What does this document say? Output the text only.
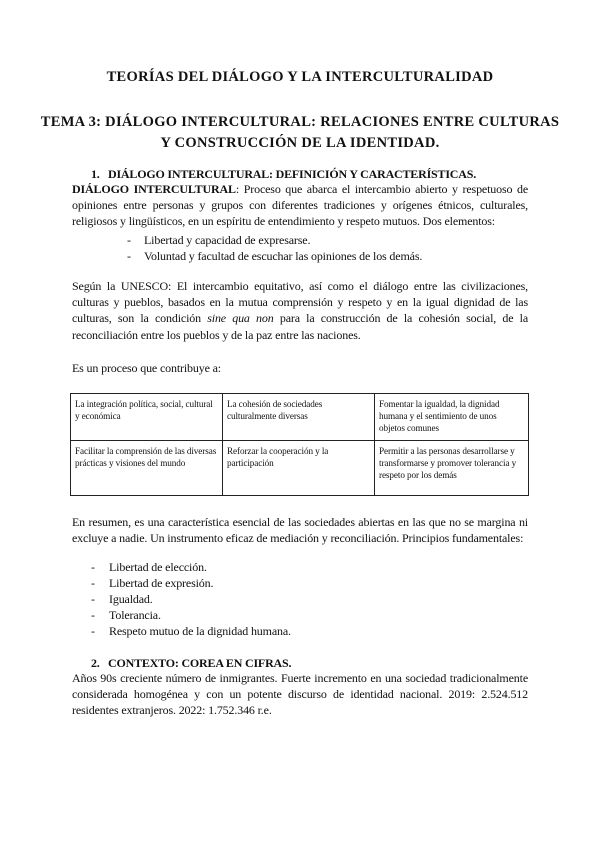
TEORÍAS DEL DIÁLOGO Y LA INTERCULTURALIDAD
TEMA 3: DIÁLOGO INTERCULTURAL: RELACIONES ENTRE CULTURAS Y CONSTRUCCIÓN DE LA IDENTIDAD.
1. DIÁLOGO INTERCULTURAL: DEFINICIÓN Y CARACTERÍSTICAS.
DIÁLOGO INTERCULTURAL: Proceso que abarca el intercambio abierto y respetuoso de opiniones entre personas y grupos con diferentes tradiciones y orígenes étnicos, culturales, religiosos y lingüísticos, en un espíritu de entendimiento y respeto mutuos. Dos elementos:
- Libertad y capacidad de expresarse.
- Voluntad y facultad de escuchar las opiniones de los demás.
Según la UNESCO: El intercambio equitativo, así como el diálogo entre las civilizaciones, culturas y pueblos, basados en la mutua comprensión y respeto y en la igual dignidad de las culturas, son la condición sine qua non para la construcción de la cohesión social, de la reconciliación entre los pueblos y de la paz entre las naciones.
Es un proceso que contribuye a:
La integración política, social, cultural y económica	La cohesión de sociedades culturalmente diversas	Fomentar la igualdad, la dignidad humana y el sentimiento de unos objetos comunes
Facilitar la comprensión de las diversas prácticas y visiones del mundo	Reforzar la cooperación y la participación	Permitir a las personas desarrollarse y transformarse y promover tolerancia y respeto por los demás
En resumen, es una característica esencial de las sociedades abiertas en las que no se margina ni excluye a nadie. Un instrumento eficaz de mediación y reconciliación. Principios fundamentales:
- Libertad de elección.
- Libertad de expresión.
- Igualdad.
- Tolerancia.
- Respeto mutuo de la dignidad humana.
2. CONTEXTO: COREA EN CIFRAS.
Años 90s creciente número de inmigrantes. Fuerte incremento en una sociedad tradicionalmente considerada homogénea y con un potente discurso de identidad nacional. 2019: 2.524.512 residentes extranjeros. 2022: 1.752.346 r.e.
